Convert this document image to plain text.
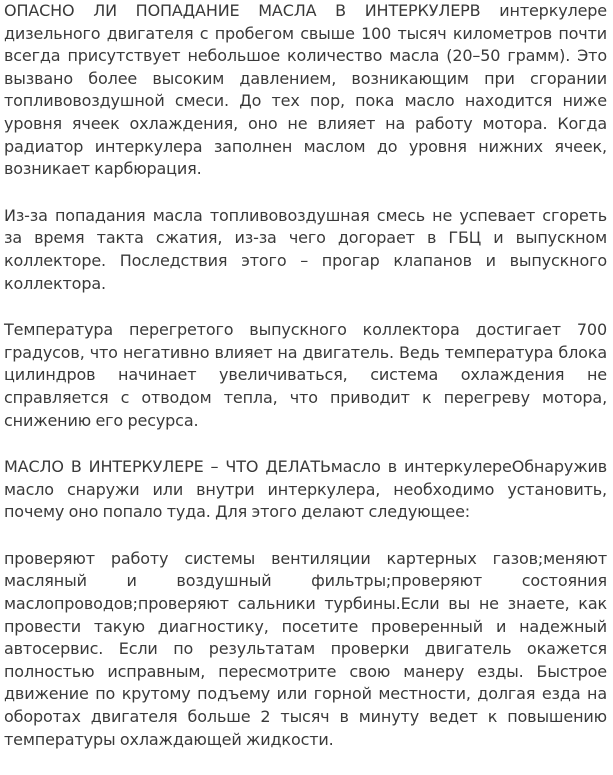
ОПАСНО ЛИ ПОПАДАНИЕ МАСЛА В ИНТЕРКУЛЕРВ интеркулере дизельного двигателя с пробегом свыше 100 тысяч километров почти всегда присутствует небольшое количество масла (20–50 грамм). Это вызвано более высоким давлением, возникающим при сгорании топливовоздушной смеси. До тех пор, пока масло находится ниже уровня ячеек охлаждения, оно не влияет на работу мотора. Когда радиатор интеркулера заполнен маслом до уровня нижних ячеек, возникает карбюрация.

Из-за попадания масла топливовоздушная смесь не успевает сгореть за время такта сжатия, из-за чего догорает в ГБЦ и выпускном коллекторе. Последствия этого – прогар клапанов и выпускного коллектора.

Температура перегретого выпускного коллектора достигает 700 градусов, что негативно влияет на двигатель. Ведь температура блока цилиндров начинает увеличиваться, система охлаждения не справляется с отводом тепла, что приводит к перегреву мотора, снижению его ресурса.

МАСЛО В ИНТЕРКУЛЕРЕ – ЧТО ДЕЛАТЬмасло в интеркулереОбнаружив масло снаружи или внутри интеркулера, необходимо установить, почему оно попало туда. Для этого делают следующее:

проверяют работу системы вентиляции картерных газов;меняют масляный и воздушный фильтры;проверяют состояния маслопроводов;проверяют сальники турбины.Если вы не знаете, как провести такую диагностику, посетите проверенный и надежный автосервис. Если по результатам проверки двигатель окажется полностью исправным, пересмотрите свою манеру езды. Быстрое движение по крутому подъему или горной местности, долгая езда на оборотах двигателя больше 2 тысяч в минуту ведет к повышению температуры охлаждающей жидкости.
